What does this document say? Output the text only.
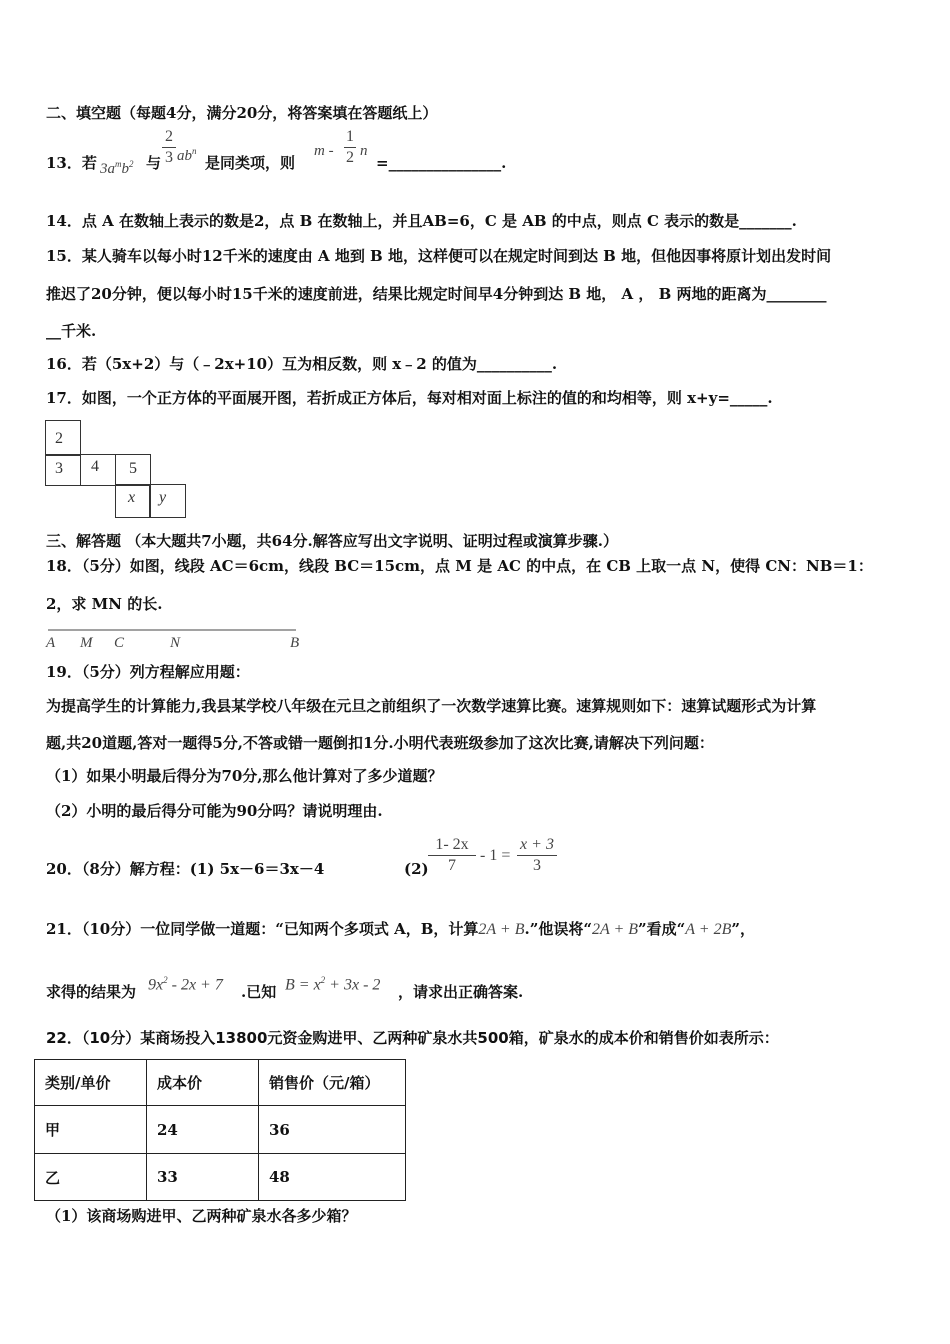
二、填空题（每题4分，满分20分，将答案填在答题纸上）
13．若 $3a^mb^2$ 与
2
3 $ab^n$
是同类项，则
m -
1
2 n
=_______________.
14．点 A 在数轴上表示的数是2，点 B 在数轴上，并且AB=6，C 是 AB 的中点，则点 C 表示的数是_______.
15．某人骑车以每小时12千米的速度由 A 地到 B 地，这样便可以在规定时间到达 B 地，但他因事将原计划出发时间
推迟了20分钟，便以每小时15千米的速度前进，结果比规定时间早4分钟到达 B 地， A ， B 两地的距离为________
__千米.
16．若（5x+2）与（﹣2x+10）互为相反数，则 x﹣2 的值为__________.
17．如图，一个正方体的平面展开图，若折成正方体后，每对相对面上标注的值的和均相等，则 x+y=_____.
2
3 4 5
x y
三、解答题 （本大题共7小题，共64分.解答应写出文字说明、证明过程或演算步骤.）
18．（5分）如图，线段 AC＝6cm，线段 BC＝15cm，点 M 是 AC 的中点，在 CB 上取一点 N，使得 CN：NB＝1：
2，求 MN 的长.
A M C	N	B
19．（5分）列方程解应用题：
为提高学生的计算能力,我县某学校八年级在元旦之前组织了一次数学速算比赛。速算规则如下：速算试题形式为计算
题,共20道题,答对一题得5分,不答或错一题倒扣1分.小明代表班级参加了这次比赛,请解决下列问题：
（1）如果小明最后得分为70分,那么他计算对了多少道题？
（2）小明的最后得分可能为90分吗？请说明理由.
20．（8分）解方程：(1) 5x－6＝3x－4	(2)
1- 2x
7
- 1 =
x + 3
3
21．（10分）一位同学做一道题：“已知两个多项式 A，B，计算2A + B.”他误将“2A + B”看成“A + 2B”，
求得的结果为 $9x^2 - 2x + 7$ .已知 $B = x^2 + 3x - 2$ ，请求出正确答案.
22．（10分）某商场投入13800元资金购进甲、乙两种矿泉水共500箱，矿泉水的成本价和销售价如表所示：
类别/单价	成本价	销售价（元/箱）
甲	24	36
乙	33	48
（1）该商场购进甲、乙两种矿泉水各多少箱？
